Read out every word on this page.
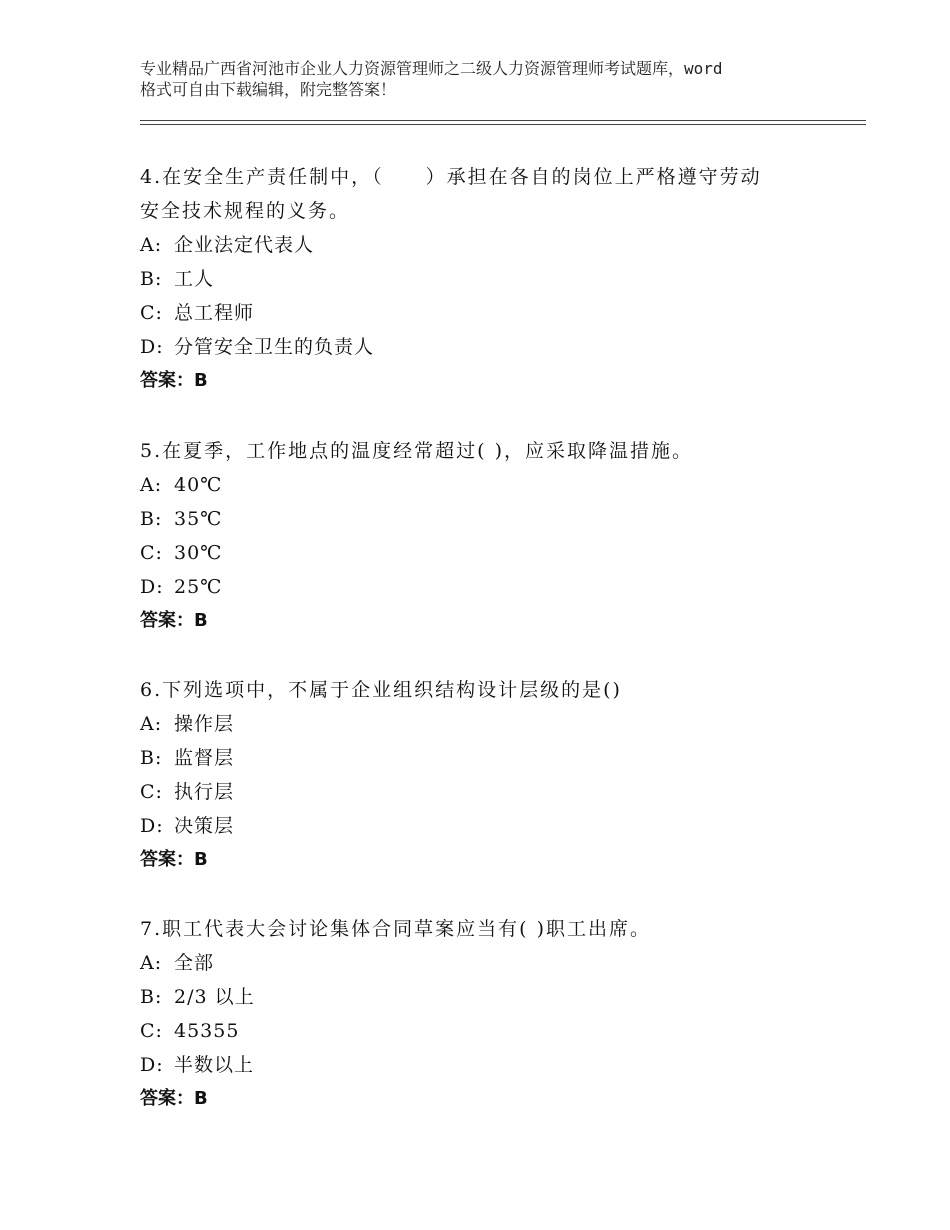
专业精品广西省河池市企业人力资源管理师之二级人力资源管理师考试题库，word
格式可自由下载编辑，附完整答案！
4.在安全生产责任制中，（　　）承担在各自的岗位上严格遵守劳动
安全技术规程的义务。
A: 企业法定代表人
B: 工人
C: 总工程师
D: 分管安全卫生的负责人
答案：B
5.在夏季，工作地点的温度经常超过( )，应采取降温措施。
A: 40℃
B: 35℃
C: 30℃
D: 25℃
答案：B
6.下列选项中，不属于企业组织结构设计层级的是()
A: 操作层
B: 监督层
C: 执行层
D: 决策层
答案：B
7.职工代表大会讨论集体合同草案应当有( )职工出席。
A: 全部
B: 2/3 以上
C: 45355
D: 半数以上
答案：B
